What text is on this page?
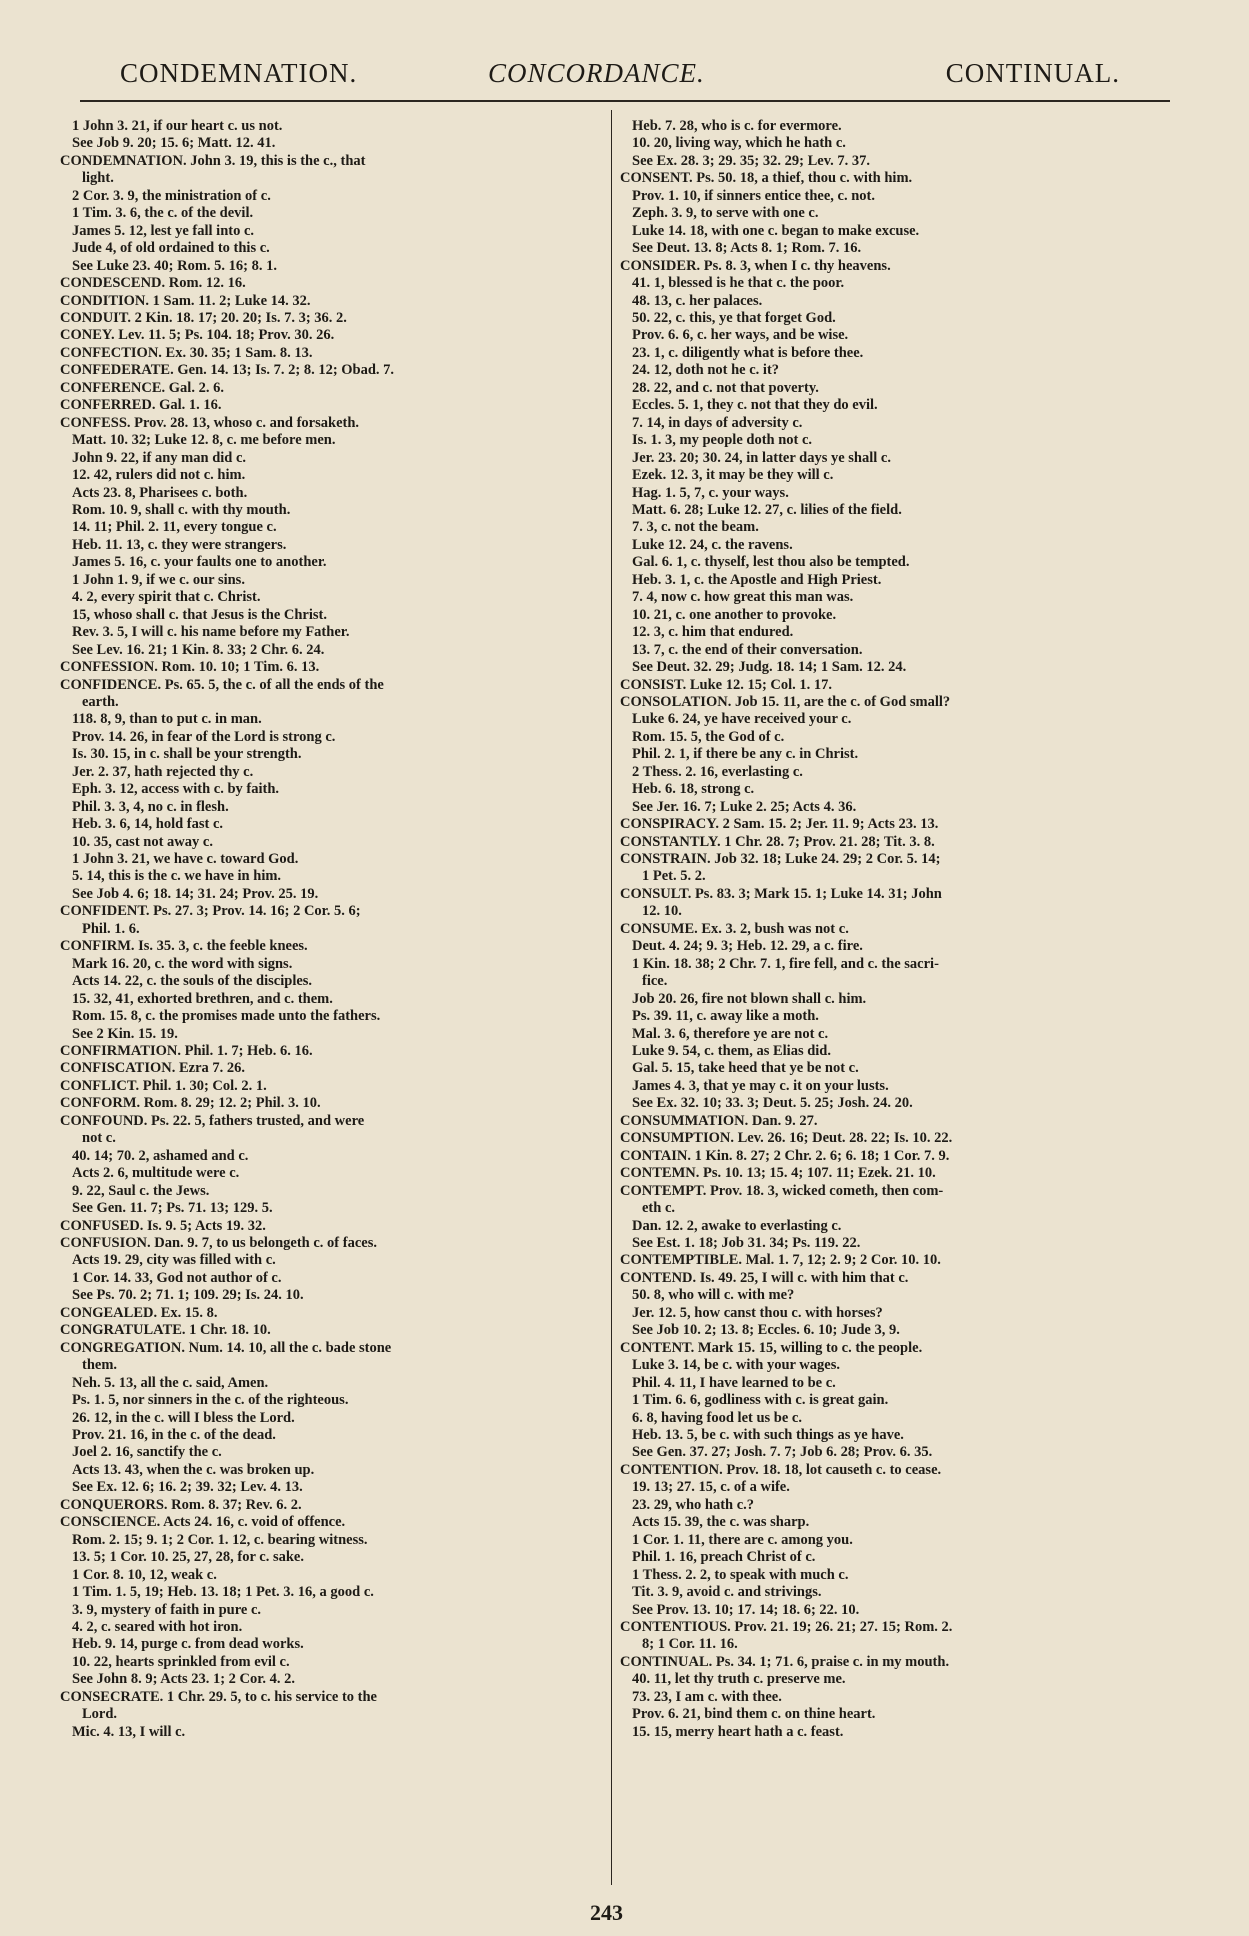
CONDEMNATION.	CONCORDANCE.	CONTINUAL.
1 John 3. 21, if our heart c. us not.
See Job 9. 20; 15. 6; Matt. 12. 41.
CONDEMNATION. John 3. 19, this is the c., that
light.
2 Cor. 3. 9, the ministration of c.
1 Tim. 3. 6, the c. of the devil.
James 5. 12, lest ye fall into c.
Jude 4, of old ordained to this c.
See Luke 23. 40; Rom. 5. 16; 8. 1.
CONDESCEND. Rom. 12. 16.
CONDITION. 1 Sam. 11. 2; Luke 14. 32.
CONDUIT. 2 Kin. 18. 17; 20. 20; Is. 7. 3; 36. 2.
CONEY. Lev. 11. 5; Ps. 104. 18; Prov. 30. 26.
CONFECTION. Ex. 30. 35; 1 Sam. 8. 13.
CONFEDERATE. Gen. 14. 13; Is. 7. 2; 8. 12; Obad. 7.
CONFERENCE. Gal. 2. 6.
CONFERRED. Gal. 1. 16.
CONFESS. Prov. 28. 13, whoso c. and forsaketh.
Matt. 10. 32; Luke 12. 8, c. me before men.
John 9. 22, if any man did c.
12. 42, rulers did not c. him.
Acts 23. 8, Pharisees c. both.
Rom. 10. 9, shall c. with thy mouth.
14. 11; Phil. 2. 11, every tongue c.
Heb. 11. 13, c. they were strangers.
James 5. 16, c. your faults one to another.
1 John 1. 9, if we c. our sins.
4. 2, every spirit that c. Christ.
15, whoso shall c. that Jesus is the Christ.
Rev. 3. 5, I will c. his name before my Father.
See Lev. 16. 21; 1 Kin. 8. 33; 2 Chr. 6. 24.
CONFESSION. Rom. 10. 10; 1 Tim. 6. 13.
CONFIDENCE. Ps. 65. 5, the c. of all the ends of the
earth.
118. 8, 9, than to put c. in man.
Prov. 14. 26, in fear of the Lord is strong c.
Is. 30. 15, in c. shall be your strength.
Jer. 2. 37, hath rejected thy c.
Eph. 3. 12, access with c. by faith.
Phil. 3. 3, 4, no c. in flesh.
Heb. 3. 6, 14, hold fast c.
10. 35, cast not away c.
1 John 3. 21, we have c. toward God.
5. 14, this is the c. we have in him.
See Job 4. 6; 18. 14; 31. 24; Prov. 25. 19.
CONFIDENT. Ps. 27. 3; Prov. 14. 16; 2 Cor. 5. 6;
Phil. 1. 6.
CONFIRM. Is. 35. 3, c. the feeble knees.
Mark 16. 20, c. the word with signs.
Acts 14. 22, c. the souls of the disciples.
15. 32, 41, exhorted brethren, and c. them.
Rom. 15. 8, c. the promises made unto the fathers.
See 2 Kin. 15. 19.
CONFIRMATION. Phil. 1. 7; Heb. 6. 16.
CONFISCATION. Ezra 7. 26.
CONFLICT. Phil. 1. 30; Col. 2. 1.
CONFORM. Rom. 8. 29; 12. 2; Phil. 3. 10.
CONFOUND. Ps. 22. 5, fathers trusted, and were
not c.
40. 14; 70. 2, ashamed and c.
Acts 2. 6, multitude were c.
9. 22, Saul c. the Jews.
See Gen. 11. 7; Ps. 71. 13; 129. 5.
CONFUSED. Is. 9. 5; Acts 19. 32.
CONFUSION. Dan. 9. 7, to us belongeth c. of faces.
Acts 19. 29, city was filled with c.
1 Cor. 14. 33, God not author of c.
See Ps. 70. 2; 71. 1; 109. 29; Is. 24. 10.
CONGEALED. Ex. 15. 8.
CONGRATULATE. 1 Chr. 18. 10.
CONGREGATION. Num. 14. 10, all the c. bade stone
them.
Neh. 5. 13, all the c. said, Amen.
Ps. 1. 5, nor sinners in the c. of the righteous.
26. 12, in the c. will I bless the Lord.
Prov. 21. 16, in the c. of the dead.
Joel 2. 16, sanctify the c.
Acts 13. 43, when the c. was broken up.
See Ex. 12. 6; 16. 2; 39. 32; Lev. 4. 13.
CONQUERORS. Rom. 8. 37; Rev. 6. 2.
CONSCIENCE. Acts 24. 16, c. void of offence.
Rom. 2. 15; 9. 1; 2 Cor. 1. 12, c. bearing witness.
13. 5; 1 Cor. 10. 25, 27, 28, for c. sake.
1 Cor. 8. 10, 12, weak c.
1 Tim. 1. 5, 19; Heb. 13. 18; 1 Pet. 3. 16, a good c.
3. 9, mystery of faith in pure c.
4. 2, c. seared with hot iron.
Heb. 9. 14, purge c. from dead works.
10. 22, hearts sprinkled from evil c.
See John 8. 9; Acts 23. 1; 2 Cor. 4. 2.
CONSECRATE. 1 Chr. 29. 5, to c. his service to the
Lord.
Mic. 4. 13, I will c.
Heb. 7. 28, who is c. for evermore.
10. 20, living way, which he hath c.
See Ex. 28. 3; 29. 35; 32. 29; Lev. 7. 37.
CONSENT. Ps. 50. 18, a thief, thou c. with him.
Prov. 1. 10, if sinners entice thee, c. not.
Zeph. 3. 9, to serve with one c.
Luke 14. 18, with one c. began to make excuse.
See Deut. 13. 8; Acts 8. 1; Rom. 7. 16.
CONSIDER. Ps. 8. 3, when I c. thy heavens.
41. 1, blessed is he that c. the poor.
48. 13, c. her palaces.
50. 22, c. this, ye that forget God.
Prov. 6. 6, c. her ways, and be wise.
23. 1, c. diligently what is before thee.
24. 12, doth not he c. it?
28. 22, and c. not that poverty.
Eccles. 5. 1, they c. not that they do evil.
7. 14, in days of adversity c.
Is. 1. 3, my people doth not c.
Jer. 23. 20; 30. 24, in latter days ye shall c.
Ezek. 12. 3, it may be they will c.
Hag. 1. 5, 7, c. your ways.
Matt. 6. 28; Luke 12. 27, c. lilies of the field.
7. 3, c. not the beam.
Luke 12. 24, c. the ravens.
Gal. 6. 1, c. thyself, lest thou also be tempted.
Heb. 3. 1, c. the Apostle and High Priest.
7. 4, now c. how great this man was.
10. 21, c. one another to provoke.
12. 3, c. him that endured.
13. 7, c. the end of their conversation.
See Deut. 32. 29; Judg. 18. 14; 1 Sam. 12. 24.
CONSIST. Luke 12. 15; Col. 1. 17.
CONSOLATION. Job 15. 11, are the c. of God small?
Luke 6. 24, ye have received your c.
Rom. 15. 5, the God of c.
Phil. 2. 1, if there be any c. in Christ.
2 Thess. 2. 16, everlasting c.
Heb. 6. 18, strong c.
See Jer. 16. 7; Luke 2. 25; Acts 4. 36.
CONSPIRACY. 2 Sam. 15. 2; Jer. 11. 9; Acts 23. 13.
CONSTANTLY. 1 Chr. 28. 7; Prov. 21. 28; Tit. 3. 8.
CONSTRAIN. Job 32. 18; Luke 24. 29; 2 Cor. 5. 14;
1 Pet. 5. 2.
CONSULT. Ps. 83. 3; Mark 15. 1; Luke 14. 31; John
12. 10.
CONSUME. Ex. 3. 2, bush was not c.
Deut. 4. 24; 9. 3; Heb. 12. 29, a c. fire.
1 Kin. 18. 38; 2 Chr. 7. 1, fire fell, and c. the sacri-
fice.
Job 20. 26, fire not blown shall c. him.
Ps. 39. 11, c. away like a moth.
Mal. 3. 6, therefore ye are not c.
Luke 9. 54, c. them, as Elias did.
Gal. 5. 15, take heed that ye be not c.
James 4. 3, that ye may c. it on your lusts.
See Ex. 32. 10; 33. 3; Deut. 5. 25; Josh. 24. 20.
CONSUMMATION. Dan. 9. 27.
CONSUMPTION. Lev. 26. 16; Deut. 28. 22; Is. 10. 22.
CONTAIN. 1 Kin. 8. 27; 2 Chr. 2. 6; 6. 18; 1 Cor. 7. 9.
CONTEMN. Ps. 10. 13; 15. 4; 107. 11; Ezek. 21. 10.
CONTEMPT. Prov. 18. 3, wicked cometh, then com-
eth c.
Dan. 12. 2, awake to everlasting c.
See Est. 1. 18; Job 31. 34; Ps. 119. 22.
CONTEMPTIBLE. Mal. 1. 7, 12; 2. 9; 2 Cor. 10. 10.
CONTEND. Is. 49. 25, I will c. with him that c.
50. 8, who will c. with me?
Jer. 12. 5, how canst thou c. with horses?
See Job 10. 2; 13. 8; Eccles. 6. 10; Jude 3, 9.
CONTENT. Mark 15. 15, willing to c. the people.
Luke 3. 14, be c. with your wages.
Phil. 4. 11, I have learned to be c.
1 Tim. 6. 6, godliness with c. is great gain.
6. 8, having food let us be c.
Heb. 13. 5, be c. with such things as ye have.
See Gen. 37. 27; Josh. 7. 7; Job 6. 28; Prov. 6. 35.
CONTENTION. Prov. 18. 18, lot causeth c. to cease.
19. 13; 27. 15, c. of a wife.
23. 29, who hath c.?
Acts 15. 39, the c. was sharp.
1 Cor. 1. 11, there are c. among you.
Phil. 1. 16, preach Christ of c.
1 Thess. 2. 2, to speak with much c.
Tit. 3. 9, avoid c. and strivings.
See Prov. 13. 10; 17. 14; 18. 6; 22. 10.
CONTENTIOUS. Prov. 21. 19; 26. 21; 27. 15; Rom. 2.
8; 1 Cor. 11. 16.
CONTINUAL. Ps. 34. 1; 71. 6, praise c. in my mouth.
40. 11, let thy truth c. preserve me.
73. 23, I am c. with thee.
Prov. 6. 21, bind them c. on thine heart.
15. 15, merry heart hath a c. feast.
243
